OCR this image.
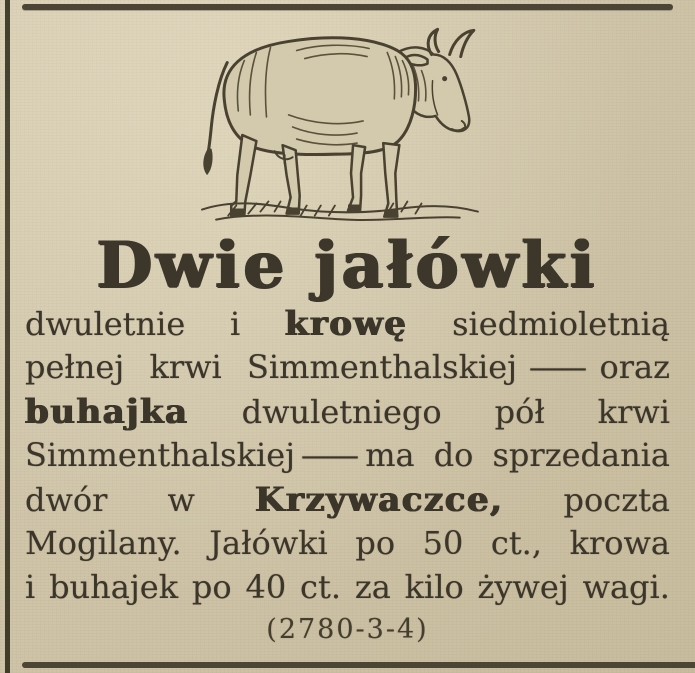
Dwie jałówki
dwuletnie i krowę siedmioletnią
pełnej krwi Simmenthalskiej — oraz
buhajka dwuletniego pół krwi
Simmenthalskiej — ma do sprzedania
dwór w Krzywaczce, poczta
Mogilany. Jałówki po 50 ct., krowa
i buhajek po 40 ct. za kilo żywej wagi.
(2780-3-4)
